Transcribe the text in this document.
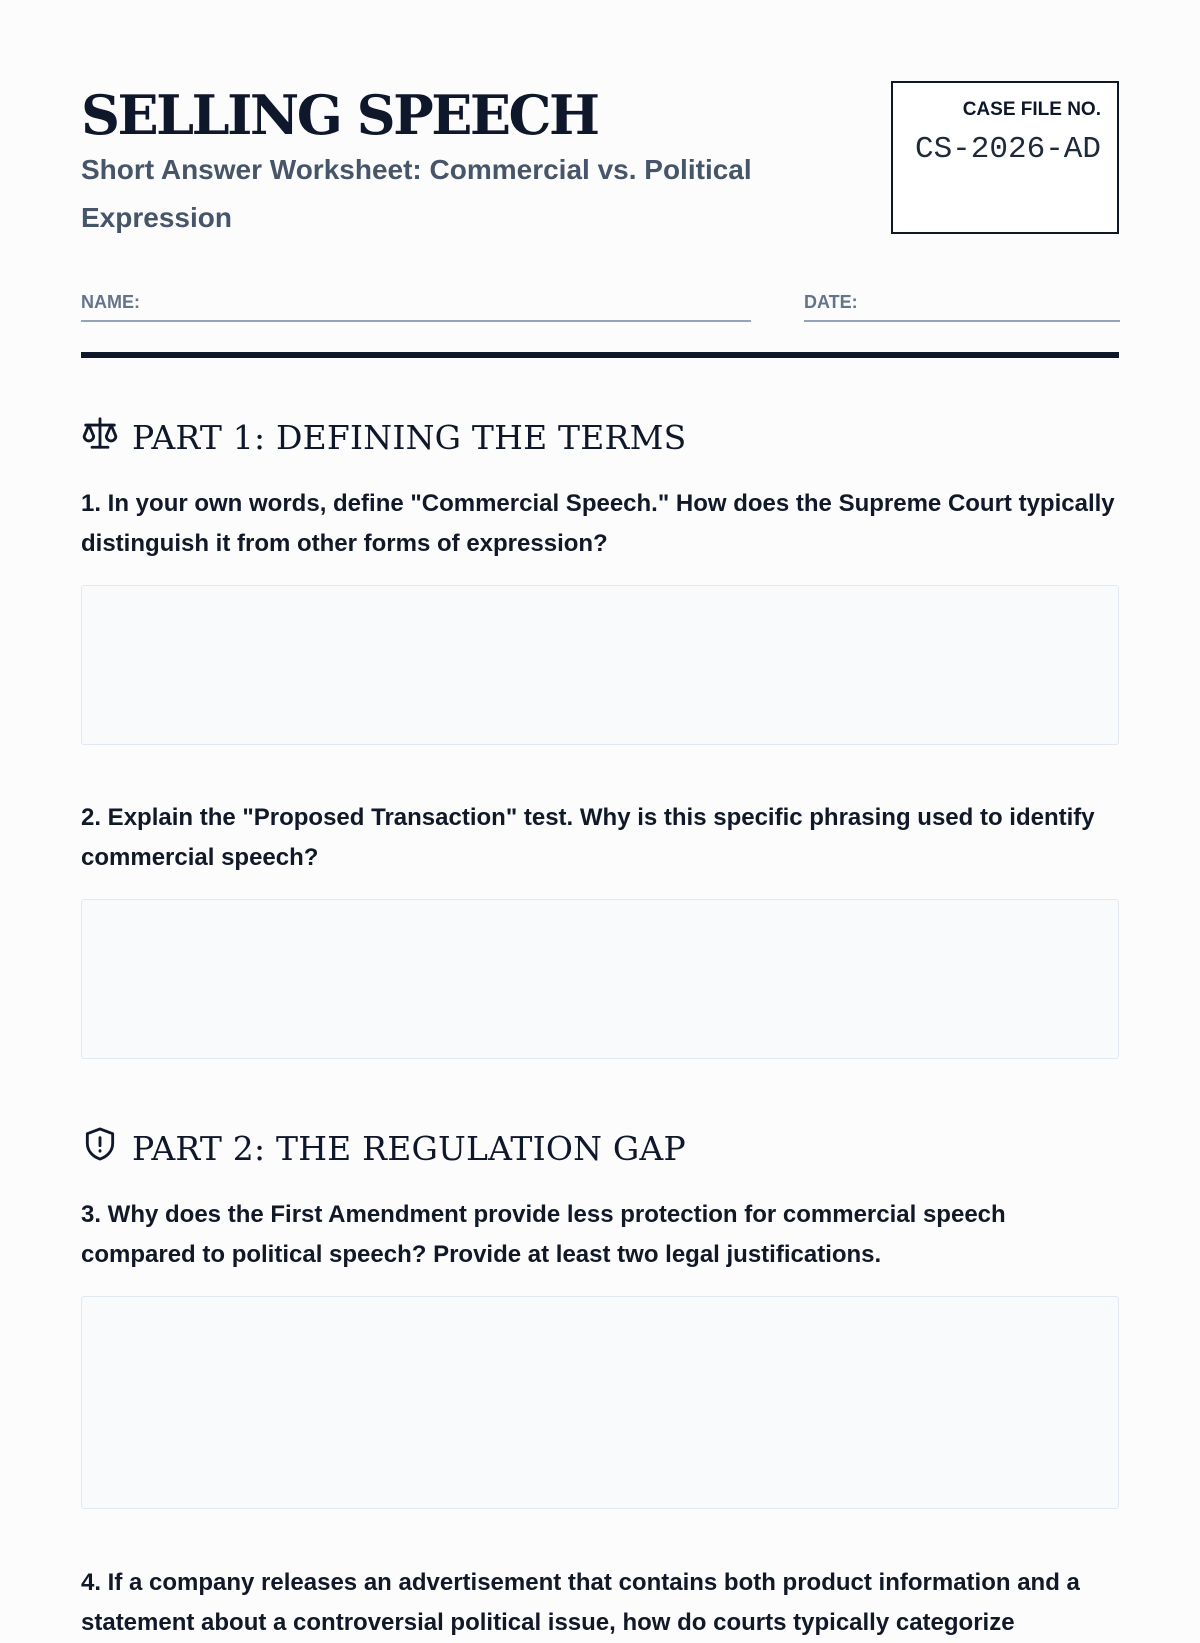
SELLING SPEECH
Short Answer Worksheet: Commercial vs. Political Expression
CASE FILE NO.
CS-2026-AD
NAME:	DATE:
PART 1: DEFINING THE TERMS
1. In your own words, define "Commercial Speech." How does the Supreme Court typically distinguish it from other forms of expression?
2. Explain the "Proposed Transaction" test. Why is this specific phrasing used to identify commercial speech?
PART 2: THE REGULATION GAP
3. Why does the First Amendment provide less protection for commercial speech compared to political speech? Provide at least two legal justifications.
4. If a company releases an advertisement that contains both product information and a statement about a controversial political issue, how do courts typically categorize
